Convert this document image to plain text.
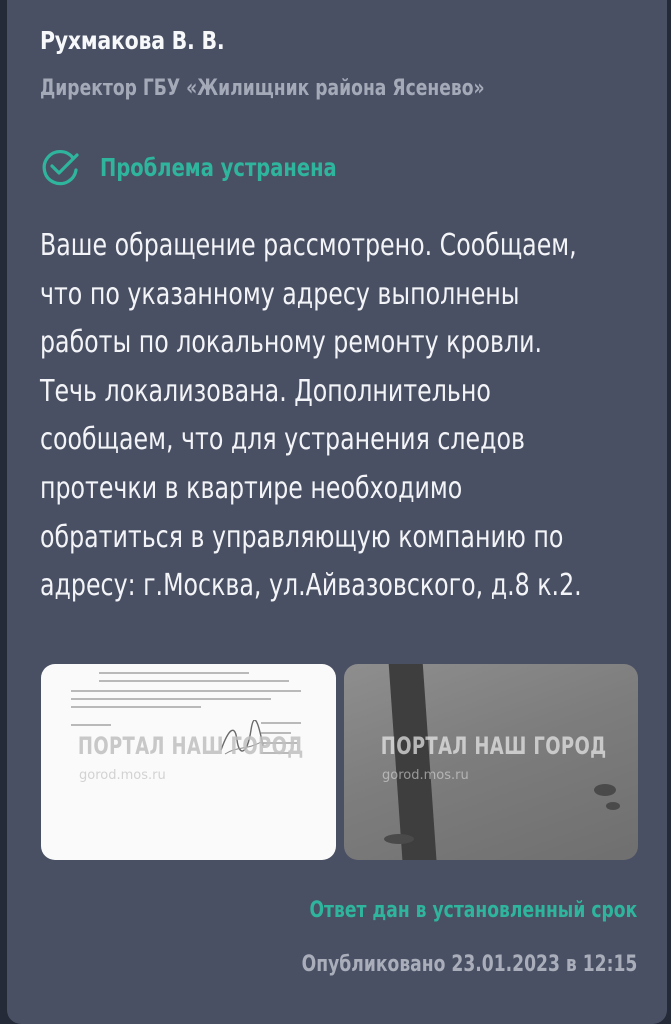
Рухмакова В. В.
Директор ГБУ «Жилищник района Ясенево»
Проблема устранена

Ваше обращение рассмотрено. Сообщаем,
что по указанному адресу выполнены
работы по локальному ремонту кровли.
Течь локализована. Дополнительно
сообщаем, что для устранения следов
протечки в квартире необходимо
обратиться в управляющую компанию по
адресу: г.Москва, ул.Айвазовского, д.8 к.2.

ПОРТАЛ НАШ ГОРОД
gorod.mos.ru
ПОРТАЛ НАШ ГОРОД
gorod.mos.ru
Ответ дан в установленный срок
Опубликовано 23.01.2023 в 12:15
